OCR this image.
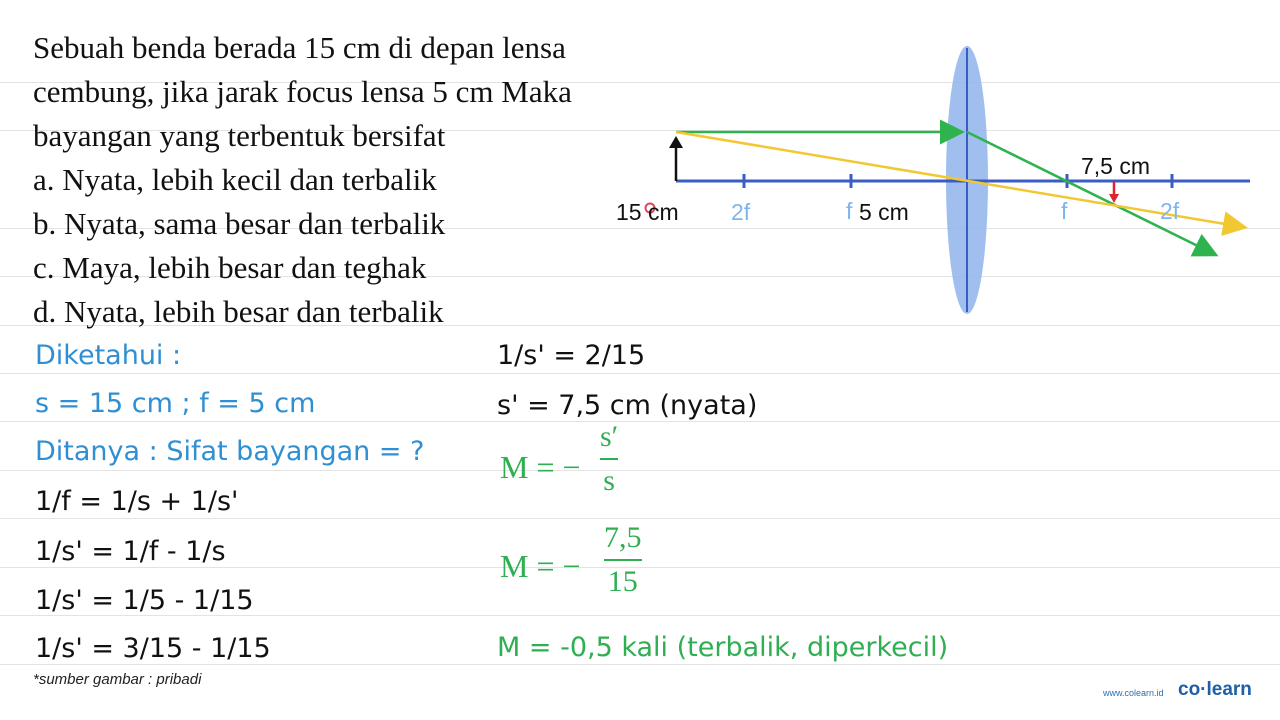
Sebuah benda berada 15 cm di depan lensa
cembung, jika jarak focus lensa 5 cm Maka
bayangan yang terbentuk bersifat
a. Nyata, lebih kecil dan terbalik
b. Nyata, sama besar dan terbalik
c. Maya, lebih besar dan teghak
d. Nyata, lebih besar dan terbalik
15 cm 2f	f 5 cm	f	2f
7,5 cm
Diketahui :
s = 15 cm ; f = 5 cm
Ditanya : Sifat bayangan = ?
1/f = 1/s + 1/s'
1/s' = 1/f - 1/s
1/s' = 1/5 - 1/15
1/s' = 3/15 - 1/15
1/s' = 2/15
s' = 7,5 cm (nyata)
M = −
s′
s
M = −
7,5
15
M = -0,5 kali (terbalik, diperkecil)
*sumber gambar : pribadi
www.colearn.id co·learn
